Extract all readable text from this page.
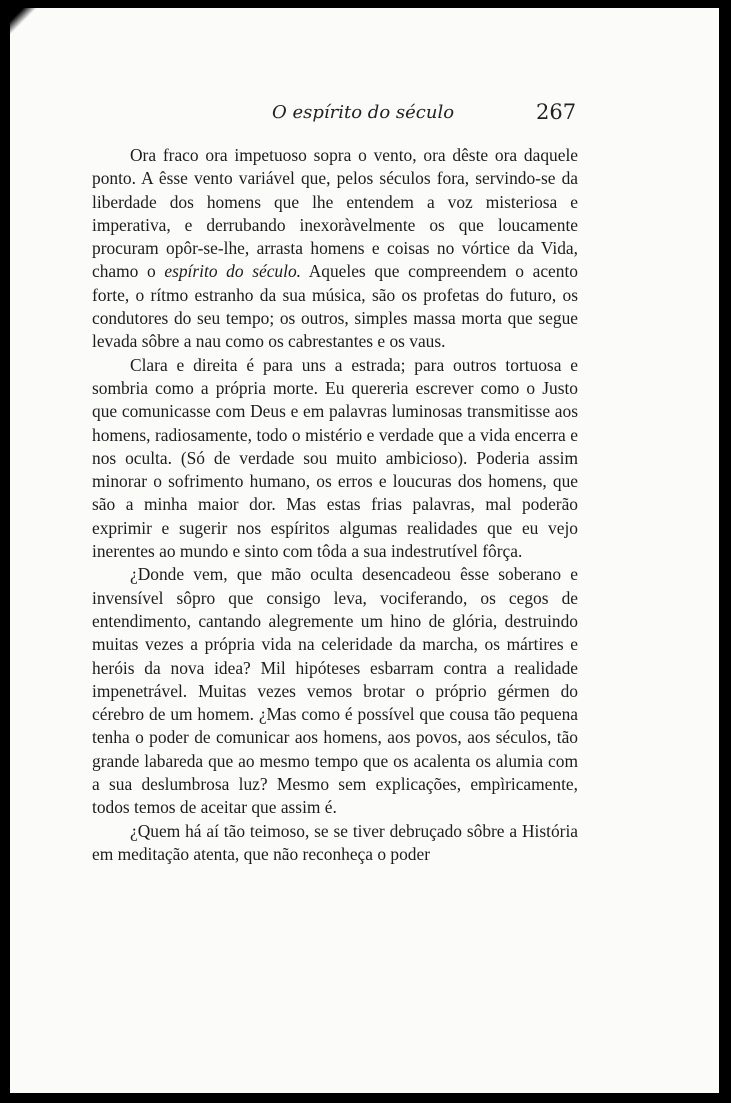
O espírito do século	267

Ora fraco ora impetuoso sopra o vento, ora dêste ora daquele ponto. A êsse vento variável que, pelos séculos fora, servindo-se da liberdade dos homens que lhe entendem a voz misteriosa e imperativa, e derrubando inexoràvelmente os que loucamente procuram opôr-se-lhe, arrasta homens e coisas no vórtice da Vida, chamo o espírito do século. Aqueles que compreendem o acento forte, o rítmo estranho da sua música, são os profetas do futuro, os condutores do seu tempo; os outros, simples massa morta que segue levada sôbre a nau como os cabrestantes e os vaus.

Clara e direita é para uns a estrada; para outros tortuosa e sombria como a própria morte. Eu quereria escrever como o Justo que comunicasse com Deus e em palavras luminosas transmitisse aos homens, radiosamente, todo o mistério e verdade que a vida encerra e nos oculta. (Só de verdade sou muito ambicioso). Poderia assim minorar o sofrimento humano, os erros e loucuras dos homens, que são a minha maior dor. Mas estas frias palavras, mal poderão exprimir e sugerir nos espíritos algumas realidades que eu vejo inerentes ao mundo e sinto com tôda a sua indestrutível fôrça.

¿Donde vem, que mão oculta desencadeou êsse soberano e invensível sôpro que consigo leva, vociferando, os cegos de entendimento, cantando alegremente um hino de glória, destruindo muitas vezes a própria vida na celeridade da marcha, os mártires e heróis da nova idea? Mil hipóteses esbarram contra a realidade impenetrável. Muitas vezes vemos brotar o próprio gérmen do cérebro de um homem. ¿Mas como é possível que cousa tão pequena tenha o poder de comunicar aos homens, aos povos, aos séculos, tão grande labareda que ao mesmo tempo que os acalenta os alumia com a sua deslumbrosa luz? Mesmo sem explicações, empìricamente, todos temos de aceitar que assim é.

¿Quem há aí tão teimoso, se se tiver debruçado sôbre a História em meditação atenta, que não reconheça o poder
